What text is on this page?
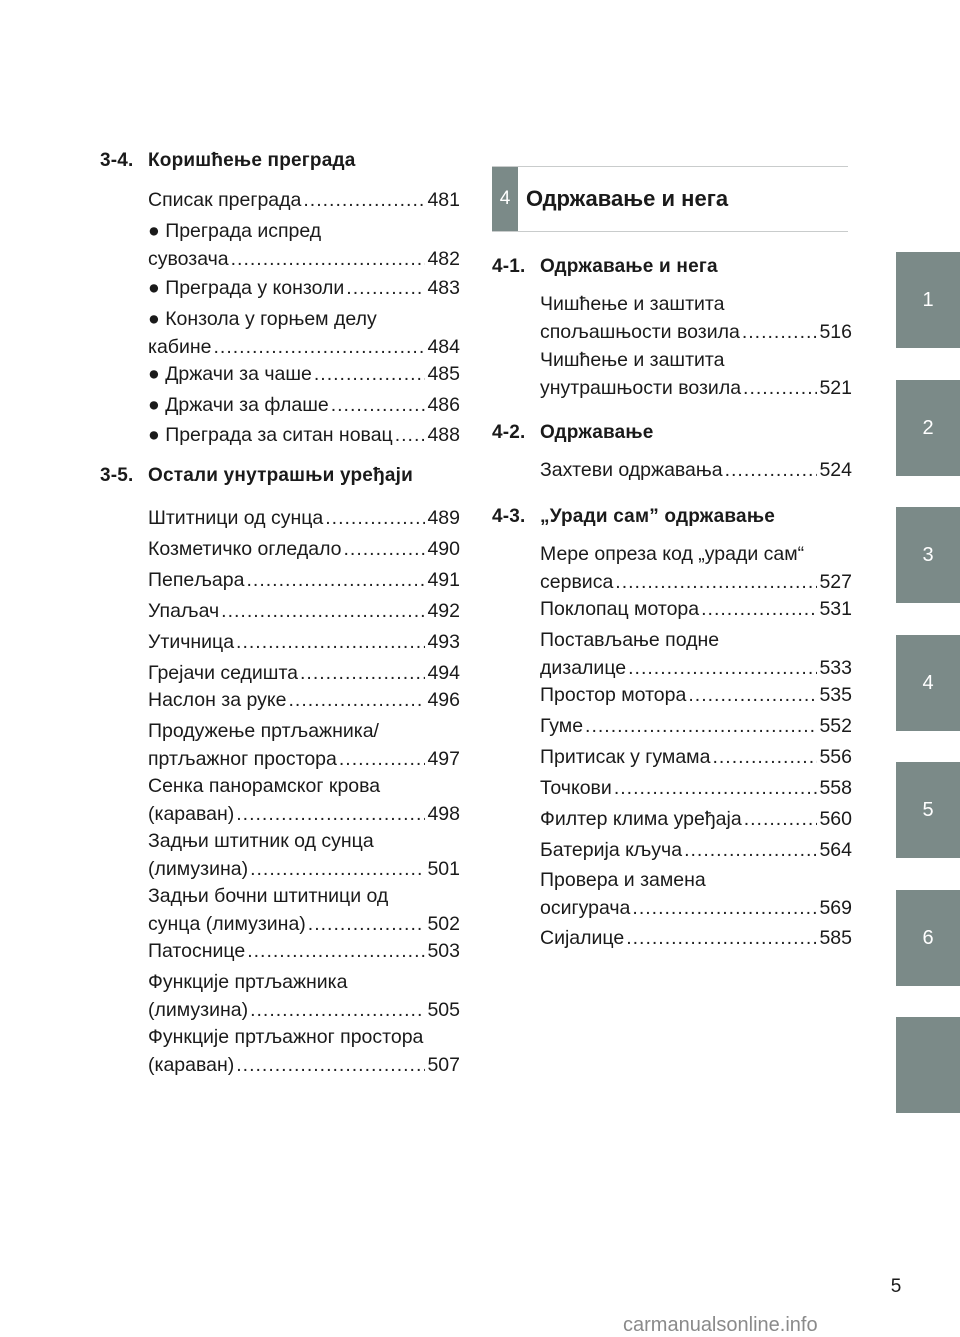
3-4. Коришћење преграда
Списак преграда .....	481
● Преграда испред
сувозача .....	482
● Преграда у конзоли .....	483
● Конзола у горњем делу
кабине .....	484
● Држачи за чаше .....	485
● Држачи за флаше .....	486
● Преграда за ситан новац ..... 488
3-5. Остали унутрашњи уређаји
Штитници од сунца .....	489
Козметичко огледало .....	490
Пепељара .....	491
Упаљач .....	492
Утичница .....	493
Грејачи седишта .....	494
Наслон за руке .....	496
Продужење пртљажника/
пртљажног простора .....	497
Сенка панорамског крова
(караван) .....	498
Задњи штитник од сунца
(лимузина) .....	501
Задњи бочни штитници од
сунца (лимузина) .....	502
Патоснице .....	503
Функције пртљажника
(лимузина) .....	505
Функције пртљажног простора
(караван) .....	507
4-1. Одржавање и нега
Чишћење и заштита
спољашњости возила .....	516
Чишћење и заштита
унутрашњости возила .....	521
4-2. Одржавање
Захтеви одржавања .....	524
4-3. „Уради сам” одржавање
Мере опреза код „уради сам“
сервиса .....	527
Поклопац мотора .....	531
Постављање подне
дизалице .....	533
Простор мотора .....	535
Гуме .....	552
Притисак у гумама .....	556
Точкови .....	558
Филтер клима уређаја .....	560
Батерија кључа .....	564
Провера и замена
осигурача .....	569
Сијалице .....	585
4 Одржавање и нега
1
2
3
4
5
6
5
carmanualsonline.info
